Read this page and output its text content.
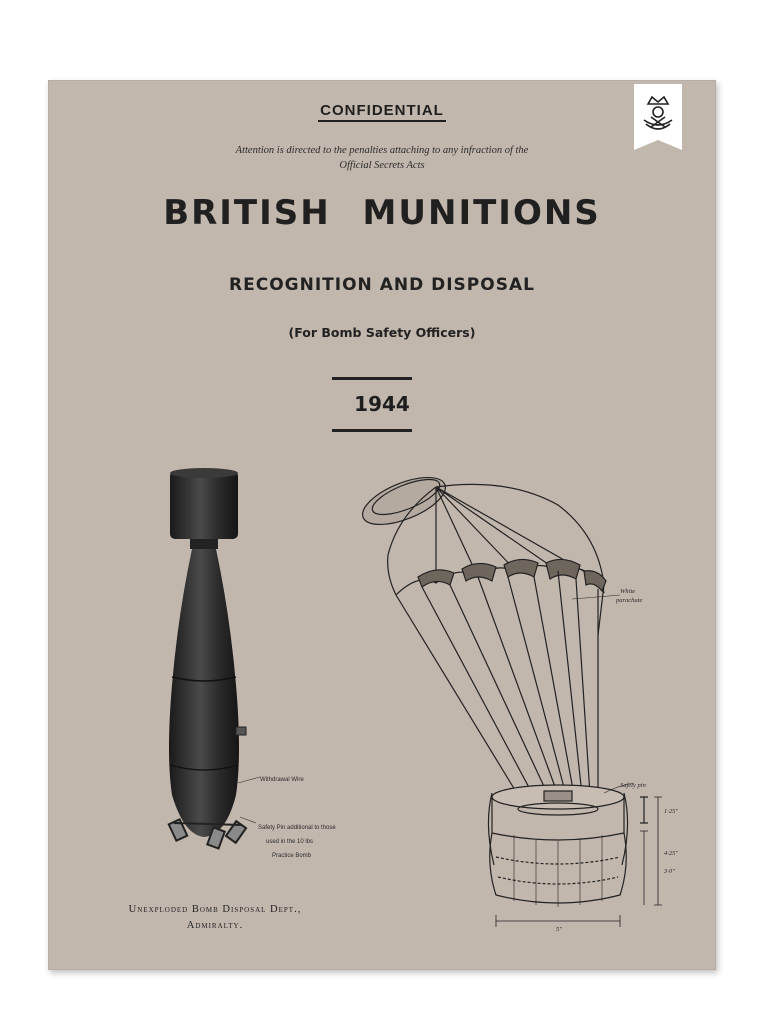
CONFIDENTIAL
Attention is directed to the penalties attaching to any infraction of the
Official Secrets Acts
BRITISH MUNITIONS
RECOGNITION AND DISPOSAL
(For Bomb Safety Officers)
1944
Withdrawal Wire
Safety Pin additional to those
used in the 10 lbs
Practice Bomb
White
parachute
Safety pin
1·25"
4·25"
3·0"
5"
Unexploded Bomb Disposal Dept.,
Admiralty.
